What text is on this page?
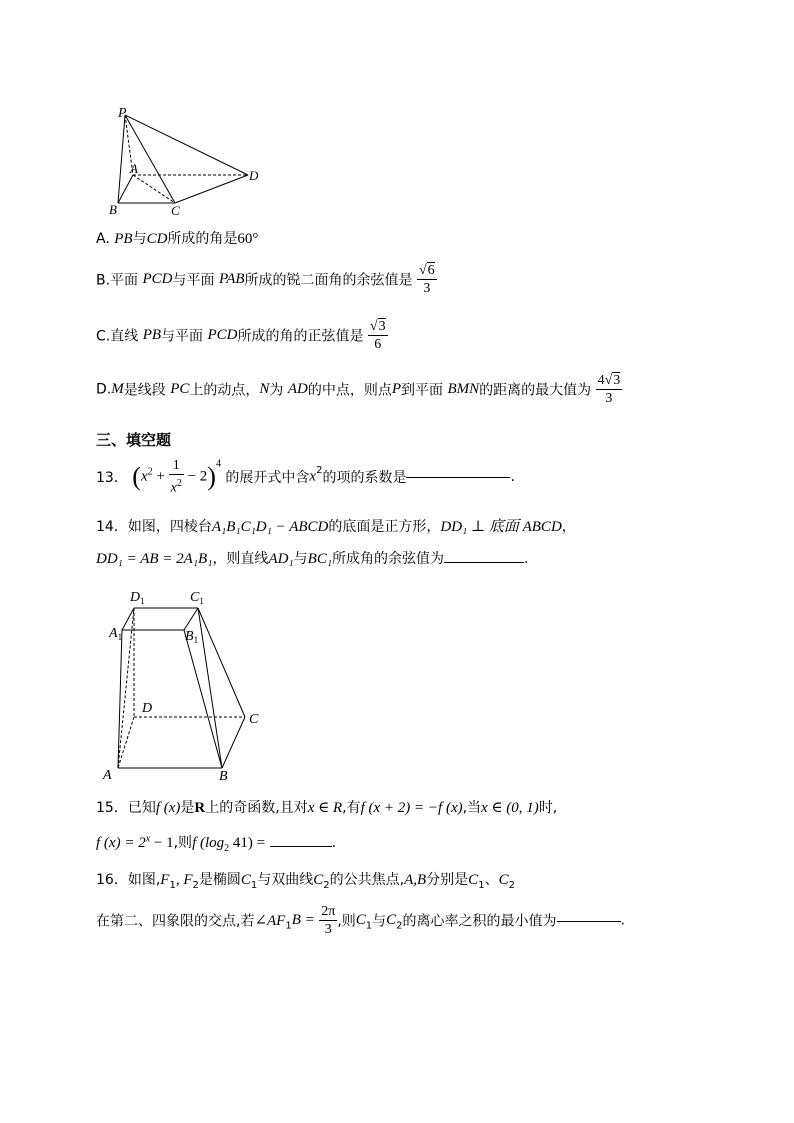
P
A
B	C
D
A. PB与CD所成的角是60°
B.平面 PCD与平面 PAB所成的锐二面角的余弦值是 $\frac{√6}{3}$
C.直线 PB与平面 PCD所成的角的正弦值是 $\frac{√3}{6}$
D.M是线段 PC上的动点，N为 AD的中点，则点P到平面 BMN的距离的最大值为 $\frac{4√3}{3}$
三、填空题
13． $(x^2 + \frac{1}{x^2} - 2)^4$ 的展开式中含$x^2$的项的系数是	.
14．如图，四棱台A₁B₁C₁D₁ − ABCD的底面是正方形，DD₁ ⊥ 底面 ABCD，
DD₁ = AB = 2A₁B₁，则直线AD₁与BC₁所成角的余弦值为	.
$D_1$	$C_1$
$A_1$	$B_1$
D
C
A	B
15．已知f (x)是R上的奇函数,且对x ∈ R,有f (x + 2) = −f (x),当x ∈ (0, 1)时,
f $(x) = 2^x - 1$,则f ($\log_2$ 41) =	.
16．如图$,F_1$, $F_2$是椭圆$C_1$与双曲线$C_2$的公共焦点,A,B分别是$C_1$、$C_2$
在第二、四象限的交点,若$\angle AF_1B = \frac{2\pi}{3}$ ,则$C_1$与$C_2$的离心率之积的最小值为	.
